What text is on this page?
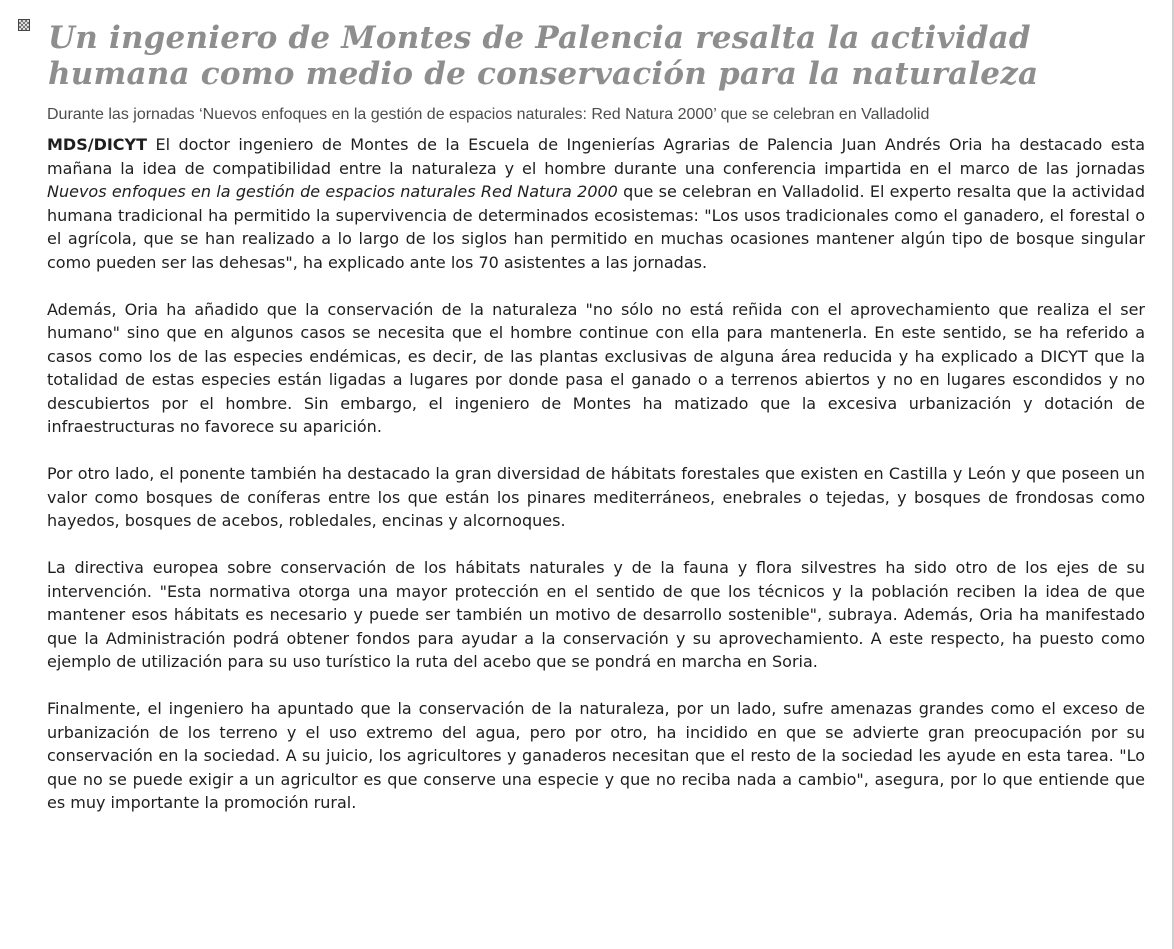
Un ingeniero de Montes de Palencia resalta la actividad humana como medio de conservación para la naturaleza
Durante las jornadas ‘Nuevos enfoques en la gestión de espacios naturales: Red Natura 2000’ que se celebran en Valladolid

MDS/DICYT El doctor ingeniero de Montes de la Escuela de Ingenierías Agrarias de Palencia Juan Andrés Oria ha destacado esta mañana la idea de compatibilidad entre la naturaleza y el hombre durante una conferencia impartida en el marco de las jornadas Nuevos enfoques en la gestión de espacios naturales Red Natura 2000 que se celebran en Valladolid. El experto resalta que la actividad humana tradicional ha permitido la supervivencia de determinados ecosistemas: "Los usos tradicionales como el ganadero, el forestal o el agrícola, que se han realizado a lo largo de los siglos han permitido en muchas ocasiones mantener algún tipo de bosque singular como pueden ser las dehesas", ha explicado ante los 70 asistentes a las jornadas.

Además, Oria ha añadido que la conservación de la naturaleza "no sólo no está reñida con el aprovechamiento que realiza el ser humano" sino que en algunos casos se necesita que el hombre continue con ella para mantenerla. En este sentido, se ha referido a casos como los de las especies endémicas, es decir, de las plantas exclusivas de alguna área reducida y ha explicado a DICYT que la totalidad de estas especies están ligadas a lugares por donde pasa el ganado o a terrenos abiertos y no en lugares escondidos y no descubiertos por el hombre. Sin embargo, el ingeniero de Montes ha matizado que la excesiva urbanización y dotación de infraestructuras no favorece su aparición.

Por otro lado, el ponente también ha destacado la gran diversidad de hábitats forestales que existen en Castilla y León y que poseen un valor como bosques de coníferas entre los que están los pinares mediterráneos, enebrales o tejedas, y bosques de frondosas como hayedos, bosques de acebos, robledales, encinas y alcornoques.

La directiva europea sobre conservación de los hábitats naturales y de la fauna y flora silvestres ha sido otro de los ejes de su intervención. "Esta normativa otorga una mayor protección en el sentido de que los técnicos y la población reciben la idea de que mantener esos hábitats es necesario y puede ser también un motivo de desarrollo sostenible", subraya. Además, Oria ha manifestado que la Administración podrá obtener fondos para ayudar a la conservación y su aprovechamiento. A este respecto, ha puesto como ejemplo de utilización para su uso turístico la ruta del acebo que se pondrá en marcha en Soria.

Finalmente, el ingeniero ha apuntado que la conservación de la naturaleza, por un lado, sufre amenazas grandes como el exceso de urbanización de los terreno y el uso extremo del agua, pero por otro, ha incidido en que se advierte gran preocupación por su conservación en la sociedad. A su juicio, los agricultores y ganaderos necesitan que el resto de la sociedad les ayude en esta tarea. "Lo que no se puede exigir a un agricultor es que conserve una especie y que no reciba nada a cambio", asegura, por lo que entiende que es muy importante la promoción rural.
